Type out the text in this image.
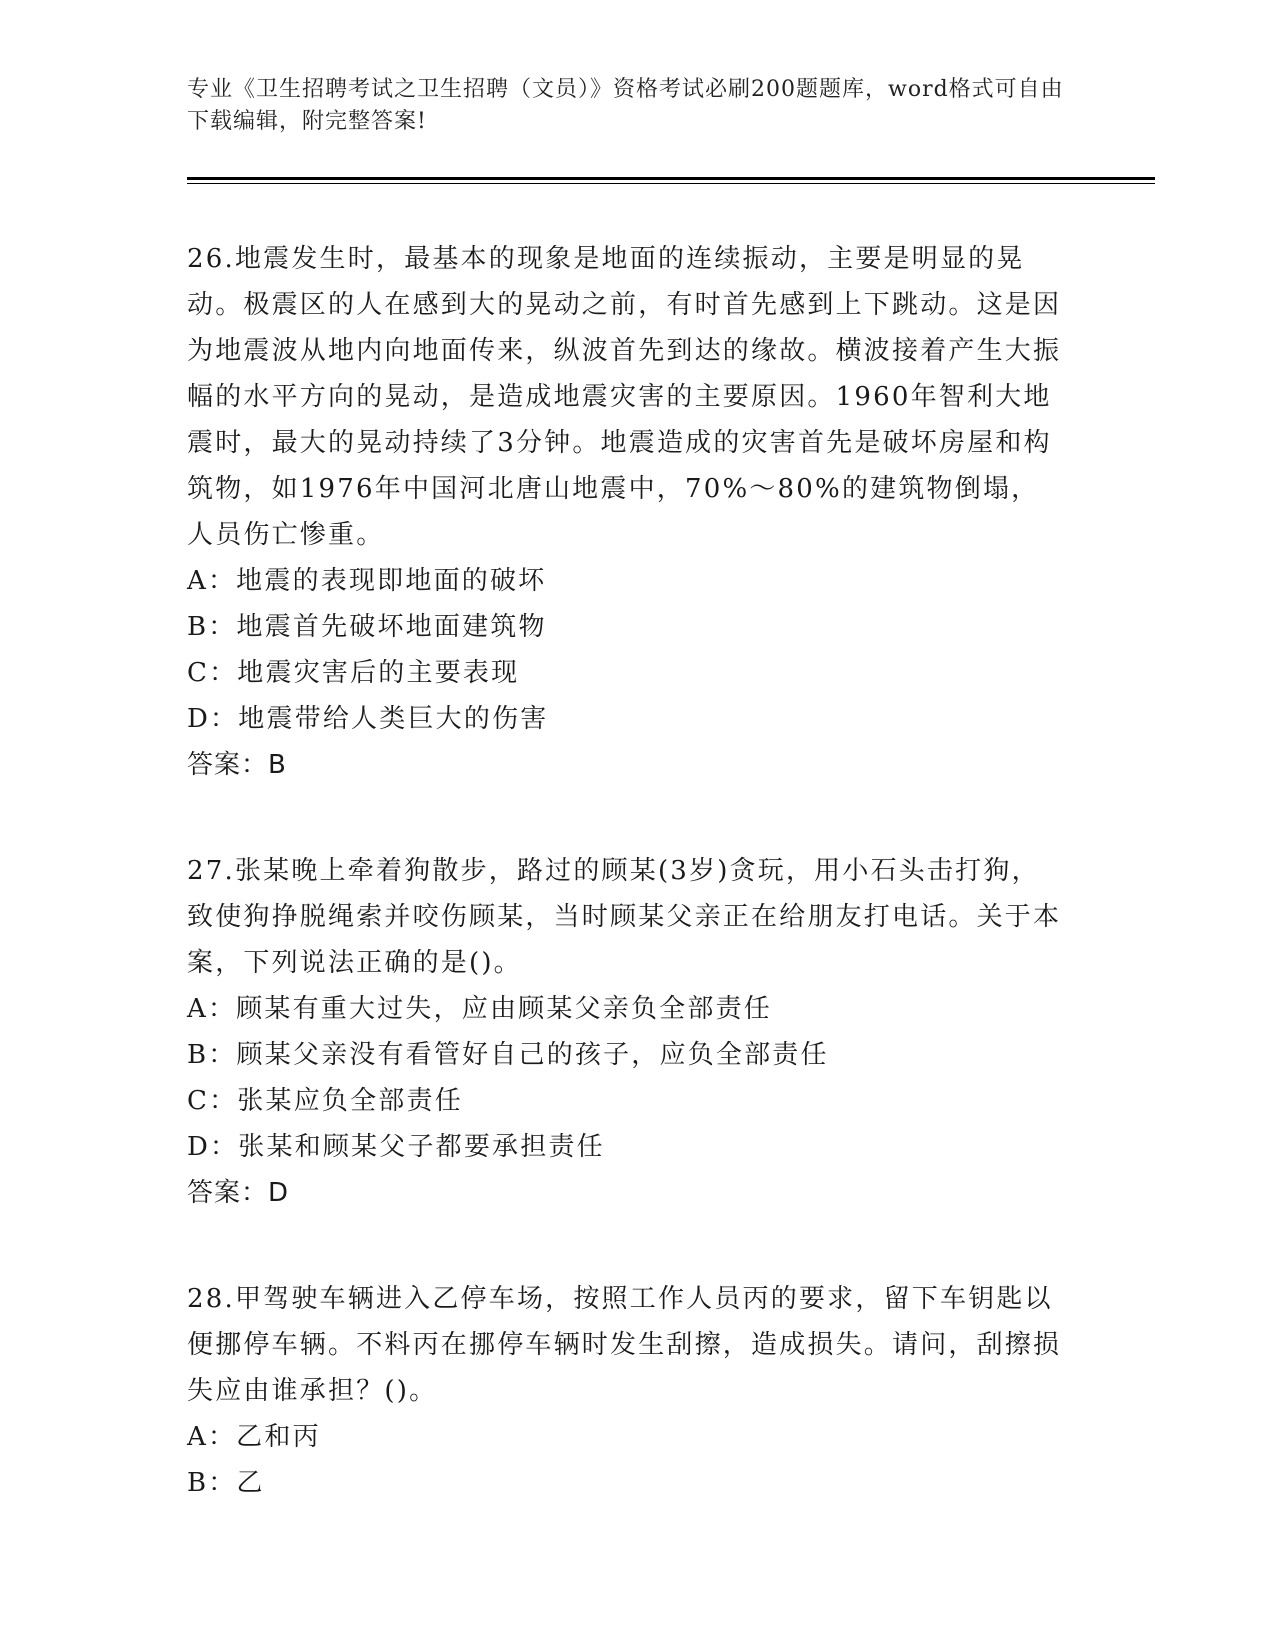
专业《卫生招聘考试之卫生招聘（文员）》资格考试必刷200题题库，word格式可自由下载编辑，附完整答案!

26.地震发生时，最基本的现象是地面的连续振动，主要是明显的晃动。极震区的人在感到大的晃动之前，有时首先感到上下跳动。这是因为地震波从地内向地面传来，纵波首先到达的缘故。横波接着产生大振幅的水平方向的晃动，是造成地震灾害的主要原因。1960年智利大地震时，最大的晃动持续了3分钟。地震造成的灾害首先是破坏房屋和构筑物，如1976年中国河北唐山地震中，70%～80%的建筑物倒塌，人员伤亡惨重。

A：地震的表现即地面的破坏

B：地震首先破坏地面建筑物

C：地震灾害后的主要表现

D：地震带给人类巨大的伤害

答案：B

27.张某晚上牵着狗散步，路过的顾某(3岁)贪玩，用小石头击打狗，致使狗挣脱绳索并咬伤顾某，当时顾某父亲正在给朋友打电话。关于本案，下列说法正确的是()。

A：顾某有重大过失，应由顾某父亲负全部责任

B：顾某父亲没有看管好自己的孩子，应负全部责任

C：张某应负全部责任

D：张某和顾某父子都要承担责任

答案：D

28.甲驾驶车辆进入乙停车场，按照工作人员丙的要求，留下车钥匙以便挪停车辆。不料丙在挪停车辆时发生刮擦，造成损失。请问，刮擦损失应由谁承担？()。

A：乙和丙

B：乙
